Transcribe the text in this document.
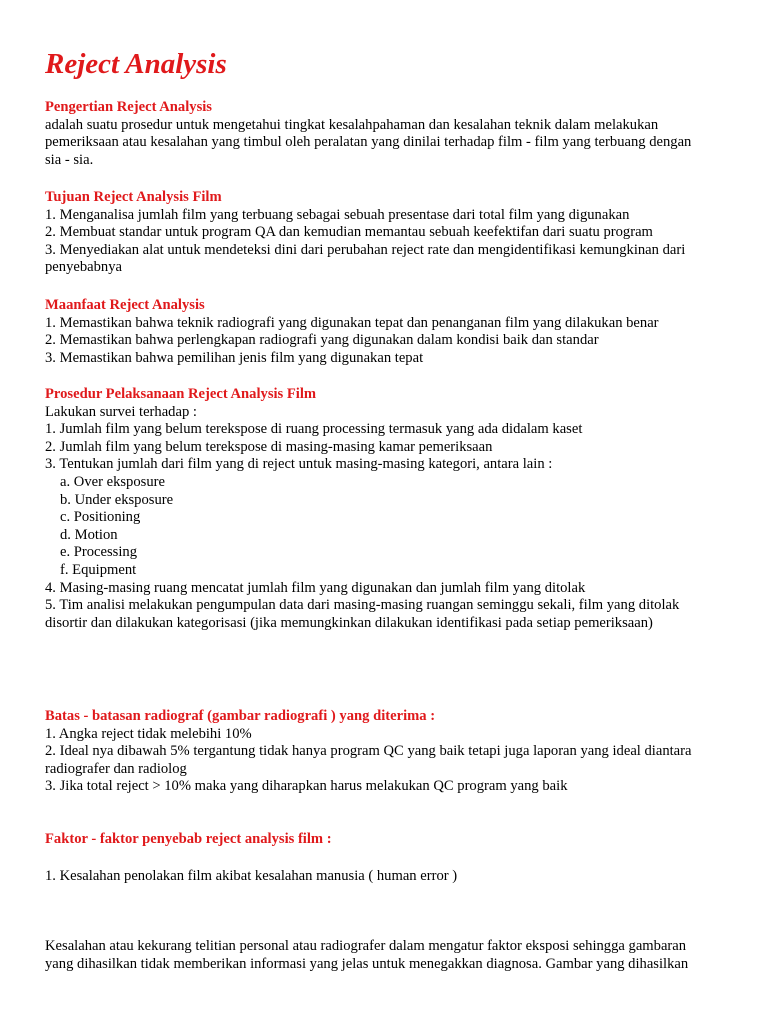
Reject Analysis
Pengertian Reject Analysis
adalah suatu prosedur untuk mengetahui tingkat kesalahpahaman dan kesalahan teknik dalam melakukan
pemeriksaan atau kesalahan yang timbul oleh peralatan yang dinilai terhadap film - film yang terbuang dengan
sia - sia.
Tujuan Reject Analysis Film
1. Menganalisa jumlah film yang terbuang sebagai sebuah presentase dari total film yang digunakan
2. Membuat standar untuk program QA dan kemudian memantau sebuah keefektifan dari suatu program
3. Menyediakan alat untuk mendeteksi dini dari perubahan reject rate dan mengidentifikasi kemungkinan dari
penyebabnya
Maanfaat Reject Analysis
1. Memastikan bahwa teknik radiografi yang digunakan tepat dan penanganan film yang dilakukan benar
2. Memastikan bahwa perlengkapan radiografi yang digunakan dalam kondisi baik dan standar
3. Memastikan bahwa pemilihan jenis film yang digunakan tepat
Prosedur Pelaksanaan Reject Analysis Film
Lakukan survei terhadap :
1. Jumlah film yang belum terekspose di ruang processing termasuk yang ada didalam kaset
2. Jumlah film yang belum terekspose di masing-masing kamar pemeriksaan
3. Tentukan jumlah dari film yang di reject untuk masing-masing kategori, antara lain :
a. Over eksposure
b. Under eksposure
c. Positioning
d. Motion
e. Processing
f. Equipment
4. Masing-masing ruang mencatat jumlah film yang digunakan dan jumlah film yang ditolak
5. Tim analisi melakukan pengumpulan data dari masing-masing ruangan seminggu sekali, film yang ditolak
disortir dan dilakukan kategorisasi (jika memungkinkan dilakukan identifikasi pada setiap pemeriksaan)
Batas - batasan radiograf (gambar radiografi ) yang diterima :
1. Angka reject tidak melebihi 10%
2. Ideal nya dibawah 5% tergantung tidak hanya program QC yang baik tetapi juga laporan yang ideal diantara
radiografer dan radiolog
3. Jika total reject > 10% maka yang diharapkan harus melakukan QC program yang baik
Faktor - faktor penyebab reject analysis film :
1. Kesalahan penolakan film akibat kesalahan manusia ( human error )
Kesalahan atau kekurang telitian personal atau radiografer dalam mengatur faktor eksposi sehingga gambaran
yang dihasilkan tidak memberikan informasi yang jelas untuk menegakkan diagnosa. Gambar yang dihasilkan
